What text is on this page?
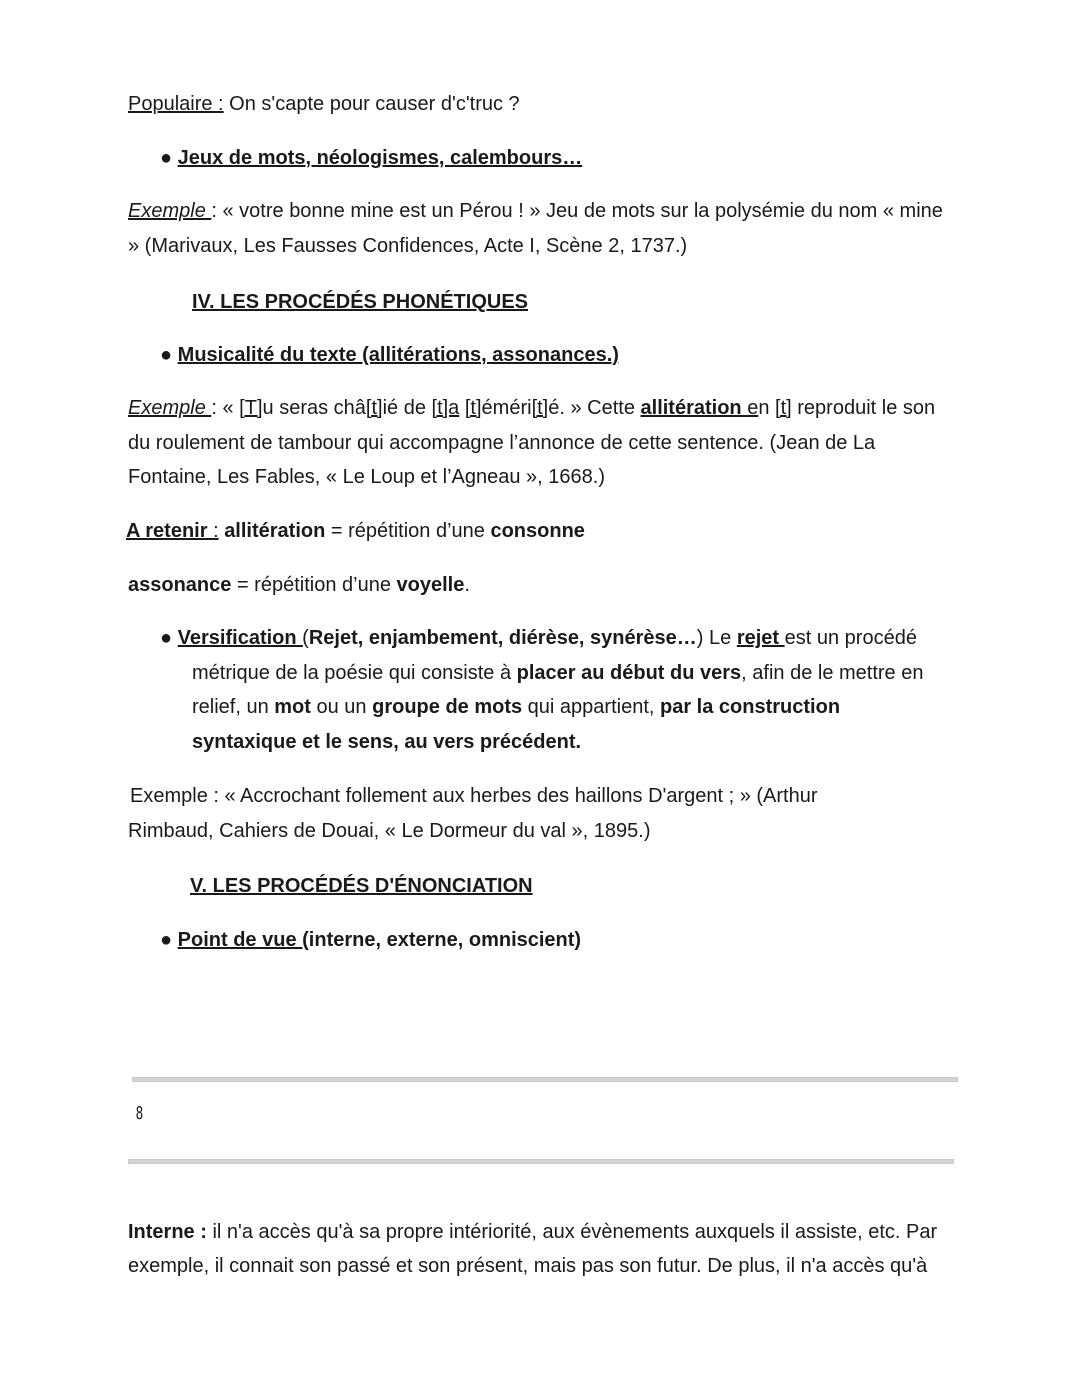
Populaire : On s'capte pour causer d'c'truc ?
● Jeux de mots, néologismes, calembours…
Exemple : « votre bonne mine est un Pérou ! » Jeu de mots sur la polysémie du nom « mine
» (Marivaux, Les Fausses Confidences, Acte I, Scène 2, 1737.)
IV. LES PROCÉDÉS PHONÉTIQUES
● Musicalité du texte (allitérations, assonances.)
Exemple : « [T]u seras châ[t]ié de [t]a [t]éméri[t]é. » Cette allitération en [t] reproduit le son
du roulement de tambour qui accompagne l’annonce de cette sentence. (Jean de La
Fontaine, Les Fables, « Le Loup et l’Agneau », 1668.)
A retenir : allitération = répétition d’une consonne
assonance = répétition d’une voyelle.
● Versification (Rejet, enjambement, diérèse, synérèse…) Le rejet est un procédé
métrique de la poésie qui consiste à placer au début du vers, afin de le mettre en
relief, un mot ou un groupe de mots qui appartient, par la construction
syntaxique et le sens, au vers précédent.
Exemple : « Accrochant follement aux herbes des haillons D'argent ; » (Arthur
Rimbaud, Cahiers de Douai, « Le Dormeur du val », 1895.)
V. LES PROCÉDÉS D'ÉNONCIATION
● Point de vue (interne, externe, omniscient)
8
Interne : il n'a accès qu'à sa propre intériorité, aux évènements auxquels il assiste, etc. Par
exemple, il connait son passé et son présent, mais pas son futur. De plus, il n'a accès qu'à
